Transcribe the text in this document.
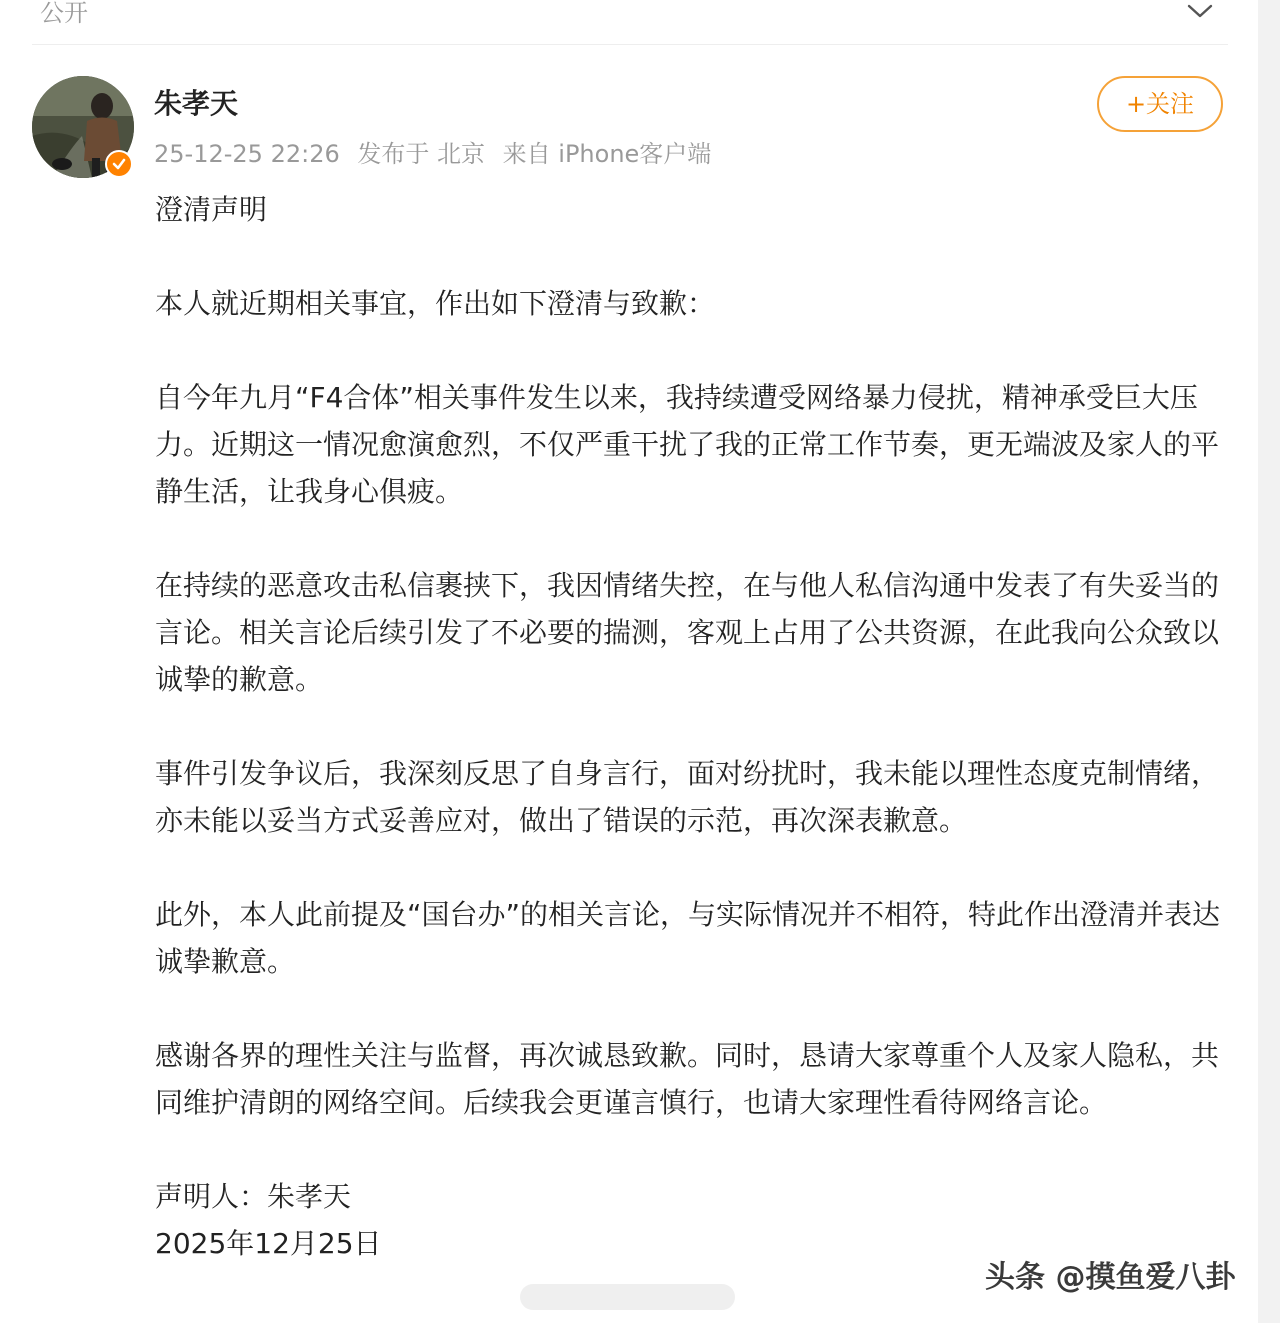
公开
朱孝天
25-12-25 22:26 发布于 北京 来自 iPhone客户端
+关注

澄清声明

本人就近期相关事宜，作出如下澄清与致歉：

自今年九月“F4合体”相关事件发生以来，我持续遭受网络暴力侵扰，精神承受巨大压力。近期这一情况愈演愈烈，不仅严重干扰了我的正常工作节奏，更无端波及家人的平静生活，让我身心俱疲。

在持续的恶意攻击私信裹挟下，我因情绪失控，在与他人私信沟通中发表了有失妥当的言论。相关言论后续引发了不必要的揣测，客观上占用了公共资源，在此我向公众致以诚挚的歉意。

事件引发争议后，我深刻反思了自身言行，面对纷扰时，我未能以理性态度克制情绪，亦未能以妥当方式妥善应对，做出了错误的示范，再次深表歉意。

此外，本人此前提及“国台办”的相关言论，与实际情况并不相符，特此作出澄清并表达诚挚歉意。

感谢各界的理性关注与监督，再次诚恳致歉。同时，恳请大家尊重个人及家人隐私，共同维护清朗的网络空间。后续我会更谨言慎行，也请大家理性看待网络言论。

声明人：朱孝天

2025年12月25日

头条 @摸鱼爱八卦
